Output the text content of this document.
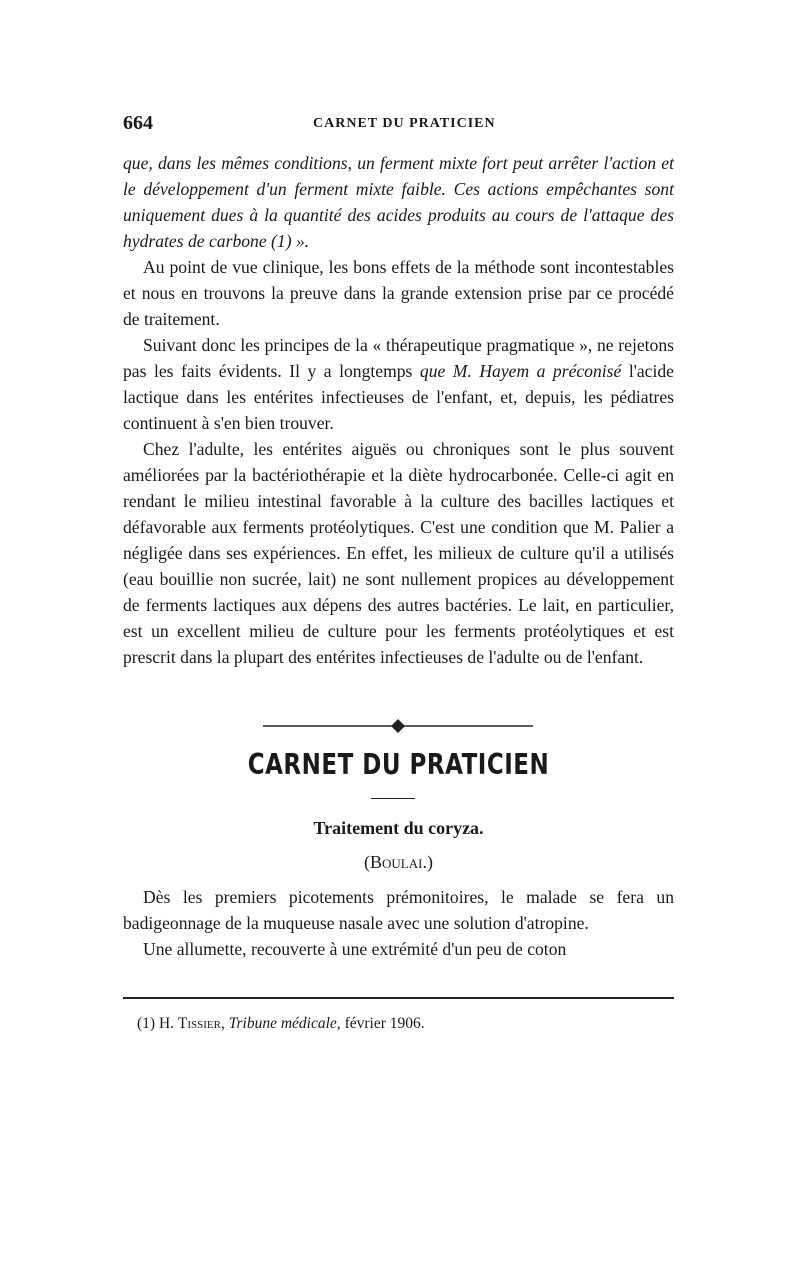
664	CARNET DU PRATICIEN

que, dans les mêmes conditions, un ferment mixte fort peut arrêter l'action et le développement d'un ferment mixte faible. Ces actions empêchantes sont uniquement dues à la quantité des acides produits au cours de l'attaque des hydrates de carbone (1) ».

Au point de vue clinique, les bons effets de la méthode sont incontestables et nous en trouvons la preuve dans la grande extension prise par ce procédé de traitement.

Suivant donc les principes de la « thérapeutique pragmatique », ne rejetons pas les faits évidents. Il y a longtemps que M. Hayem a préconisé l'acide lactique dans les entérites infectieuses de l'enfant, et, depuis, les pédiatres continuent à s'en bien trouver.

Chez l'adulte, les entérites aiguës ou chroniques sont le plus souvent améliorées par la bactériothérapie et la diète hydrocarbonée. Celle-ci agit en rendant le milieu intestinal favorable à la culture des bacilles lactiques et défavorable aux ferments protéolytiques. C'est une condition que M. Palier a négligée dans ses expériences. En effet, les milieux de culture qu'il a utilisés (eau bouillie non sucrée, lait) ne sont nullement propices au développement de ferments lactiques aux dépens des autres bactéries. Le lait, en particulier, est un excellent milieu de culture pour les ferments protéolytiques et est prescrit dans la plupart des entérites infectieuses de l'adulte ou de l'enfant.

CARNET DU PRATICIEN
Traitement du coryza.
(Boulai.)

Dès les premiers picotements prémonitoires, le malade se fera un badigeonnage de la muqueuse nasale avec une solution d'atropine.

Une allumette, recouverte à une extrémité d'un peu de coton

(1) H. Tissier, Tribune médicale, février 1906.
